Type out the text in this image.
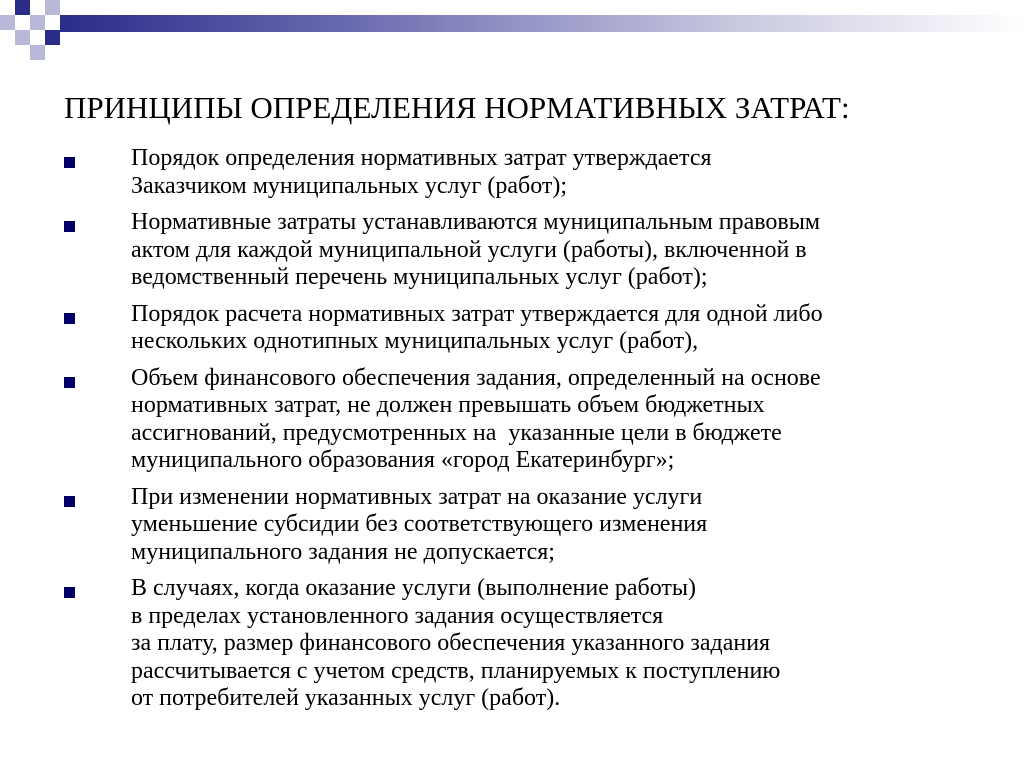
ПРИНЦИПЫ ОПРЕДЕЛЕНИЯ НОРМАТИВНЫХ ЗАТРАТ:
Порядок определения нормативных затрат утверждается
Заказчиком муниципальных услуг (работ);
Нормативные затраты устанавливаются муниципальным правовым
актом для каждой муниципальной услуги (работы), включенной в
ведомственный перечень муниципальных услуг (работ);
Порядок расчета нормативных затрат утверждается для одной либо
нескольких однотипных муниципальных услуг (работ),
Объем финансового обеспечения задания, определенный на основе
нормативных затрат, не должен превышать объем бюджетных
ассигнований, предусмотренных на  указанные цели в бюджете
муниципального образования «город Екатеринбург»;
При изменении нормативных затрат на оказание услуги
уменьшение субсидии без соответствующего изменения
муниципального задания не допускается;
В случаях, когда оказание услуги (выполнение работы)
в пределах установленного задания осуществляется
за плату, размер финансового обеспечения указанного задания
рассчитывается с учетом средств, планируемых к поступлению
от потребителей указанных услуг (работ).
